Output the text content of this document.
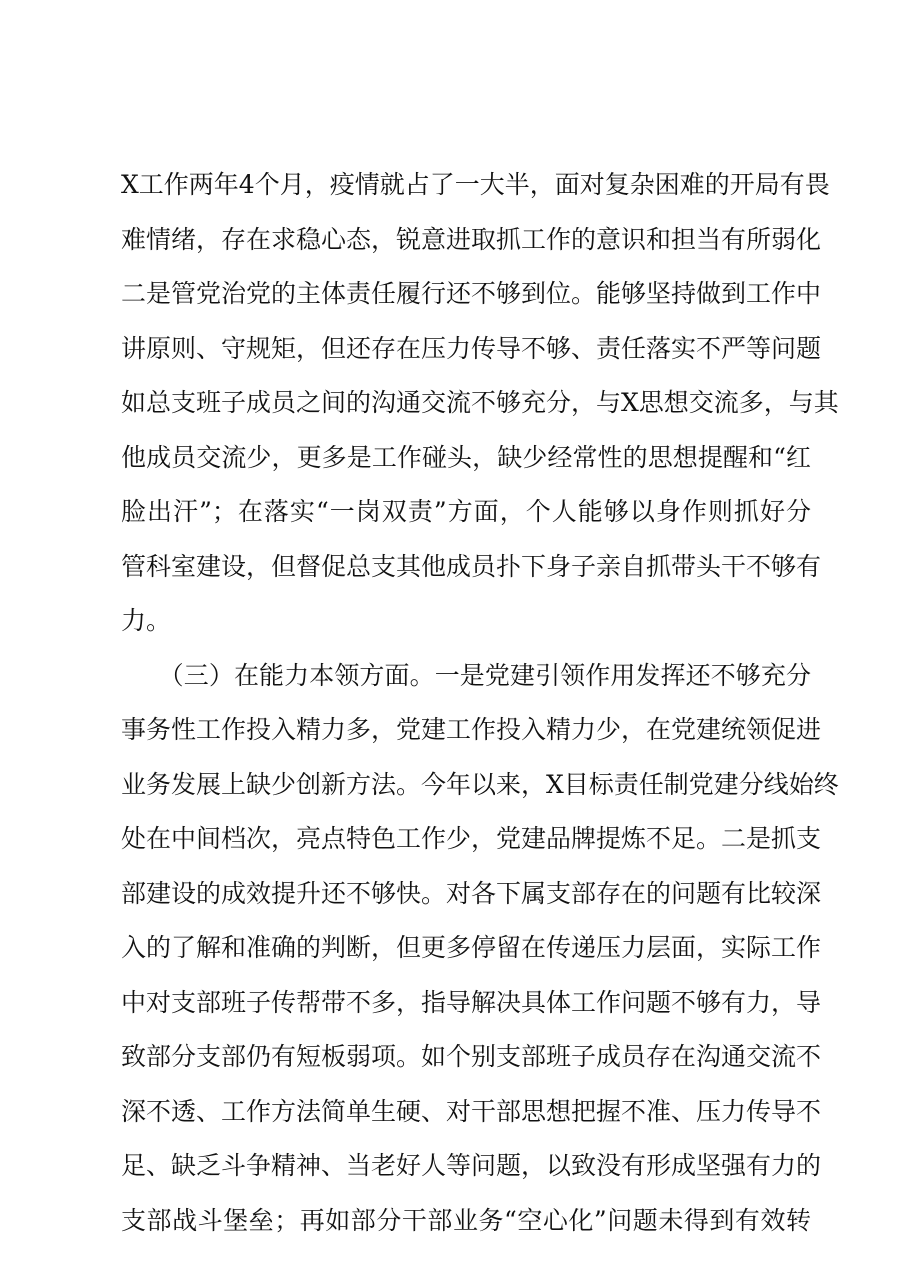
X工作两年4个月，疫情就占了一大半，面对复杂困难的开局有畏
难情绪，存在求稳心态，锐意进取抓工作的意识和担当有所弱化
二是管党治党的主体责任履行还不够到位。能够坚持做到工作中
讲原则、守规矩，但还存在压力传导不够、责任落实不严等问题
如总支班子成员之间的沟通交流不够充分，与X思想交流多，与其
他成员交流少，更多是工作碰头，缺少经常性的思想提醒和“红
脸出汗”；在落实“一岗双责”方面，个人能够以身作则抓好分
管科室建设，但督促总支其他成员扑下身子亲自抓带头干不够有
力。
　　（三）在能力本领方面。一是党建引领作用发挥还不够充分
事务性工作投入精力多，党建工作投入精力少，在党建统领促进
业务发展上缺少创新方法。今年以来，X目标责任制党建分线始终
处在中间档次，亮点特色工作少，党建品牌提炼不足。二是抓支
部建设的成效提升还不够快。对各下属支部存在的问题有比较深
入的了解和准确的判断，但更多停留在传递压力层面，实际工作
中对支部班子传帮带不多，指导解决具体工作问题不够有力，导
致部分支部仍有短板弱项。如个别支部班子成员存在沟通交流不
深不透、工作方法简单生硬、对干部思想把握不准、压力传导不
足、缺乏斗争精神、当老好人等问题，以致没有形成坚强有力的
支部战斗堡垒；再如部分干部业务“空心化”问题未得到有效转
